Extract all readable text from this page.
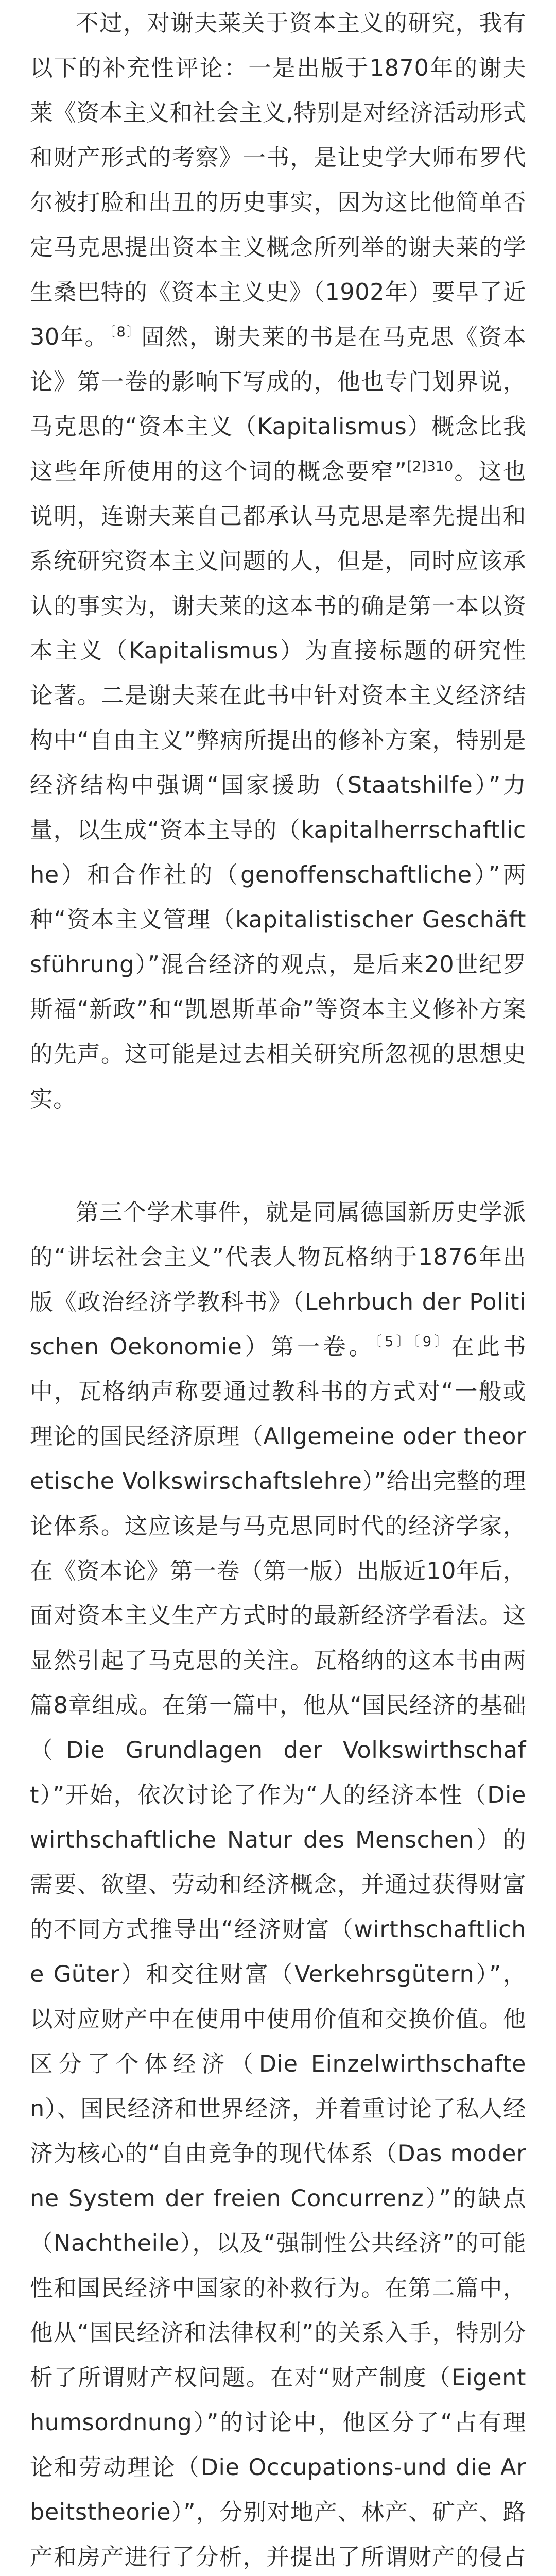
不过，对谢夫莱关于资本主义的研究，我有以下的补充性评论：一是出版于1870年的谢夫莱《资本主义和社会主义,特别是对经济活动形式和财产形式的考察》一书，是让史学大师布罗代尔被打脸和出丑的历史事实，因为这比他简单否定马克思提出资本主义概念所列举的谢夫莱的学生桑巴特的《资本主义史》（1902年）要早了近30年。$^{〔8〕}$固然，谢夫莱的书是在马克思《资本论》第一卷的影响下写成的，他也专门划界说，马克思的“资本主义（Kapitalismus）概念比我这些年所使用的这个词的概念要窄”$^{[2]310}$。这也说明，连谢夫莱自己都承认马克思是率先提出和系统研究资本主义问题的人，但是，同时应该承认的事实为，谢夫莱的这本书的确是第一本以资本主义（Kapitalismus）为直接标题的研究性论著。二是谢夫莱在此书中针对资本主义经济结构中“自由主义”弊病所提出的修补方案，特别是经济结构中强调“国家援助（Staatshilfe）”力量，以生成“资本主导的（kapitalherrschaftliche）和合作社的（genoffenschaftliche）”两种“资本主义管理（kapitalistischer Geschäftsführung）”混合经济的观点，是后来20世纪罗斯福“新政”和“凯恩斯革命”等资本主义修补方案的先声。这可能是过去相关研究所忽视的思想史实。

第三个学术事件，就是同属德国新历史学派的“讲坛社会主义”代表人物瓦格纳于1876年出版《政治经济学教科书》（Lehrbuch der Politischen Oekonomie）第一卷。$^{〔5〕〔9〕}$在此书中，瓦格纳声称要通过教科书的方式对“一般或理论的国民经济原理（Allgemeine oder theoretische Volkswirschaftslehre）”给出完整的理论体系。这应该是与马克思同时代的经济学家，在《资本论》第一卷（第一版）出版近10年后，面对资本主义生产方式时的最新经济学看法。这显然引起了马克思的关注。瓦格纳的这本书由两篇8章组成。在第一篇中，他从“国民经济的基础（Die Grundlagen der Volkswirthschaft）”开始，依次讨论了作为“人的经济本性（Die wirthschaftliche Natur des Menschen）的需要、欲望、劳动和经济概念，并通过获得财富的不同方式推导出“经济财富（wirthschaftliche Güter）和交往财富（Verkehrsgütern）”，以对应财产中在使用中使用价值和交换价值。他区分了个体经济（Die Einzelwirthschaften）、国民经济和世界经济，并着重讨论了私人经济为核心的“自由竞争的现代体系（Das moderne System der freien Concurrenz）”的缺点（Nachtheile），以及“强制性公共经济”的可能性和国民经济中国家的补救行为。在第二篇中，他从“国民经济和法律权利”的关系入手，特别分析了所谓财产权问题。在对“财产制度（Eigenthumsordnung）”的讨论中，他区分了“占有理论和劳动理论（Die Occupations-und die Arbeitstheorie）”，分别对地产、林产、矿产、路产和房产进行了分析，并提出了所谓财产的侵占
